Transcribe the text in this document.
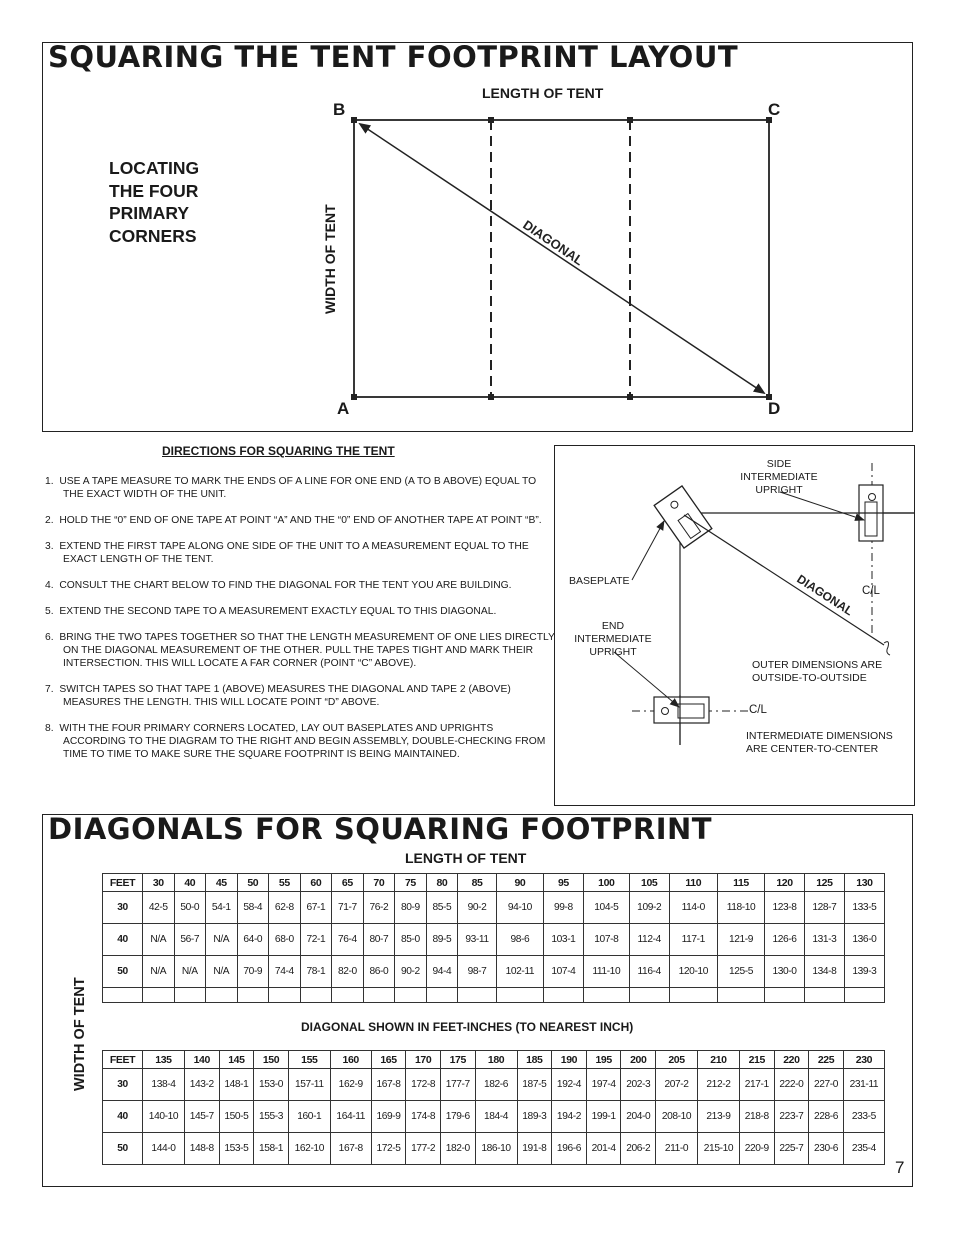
SQUARING THE TENT FOOTPRINT LAYOUT
LENGTH OF TENT
LOCATING
THE FOUR
PRIMARY
CORNERS	WIDTH OF TENT	DIAGONAL
B	C
A	D
DIRECTIONS FOR SQUARING THE TENT
1. USE A TAPE MEASURE TO MARK THE ENDS OF A LINE FOR ONE END (A TO B ABOVE) EQUAL TO THE EXACT WIDTH OF THE UNIT.
2. HOLD THE “0” END OF ONE TAPE AT POINT “A” AND THE “0” END OF ANOTHER TAPE AT POINT “B”.
3. EXTEND THE FIRST TAPE ALONG ONE SIDE OF THE UNIT TO A MEASUREMENT EQUAL TO THE EXACT LENGTH OF THE TENT.
4. CONSULT THE CHART BELOW TO FIND THE DIAGONAL FOR THE TENT YOU ARE BUILDING.
5. EXTEND THE SECOND TAPE TO A MEASUREMENT EXACTLY EQUAL TO THIS DIAGONAL.
6. BRING THE TWO TAPES TOGETHER SO THAT THE LENGTH MEASUREMENT OF ONE LIES DIRECTLY ON THE DIAGONAL MEASUREMENT OF THE OTHER. PULL THE TAPES TIGHT AND MARK THEIR INTERSECTION. THIS WILL LOCATE A FAR CORNER (POINT “C” ABOVE).
7. SWITCH TAPES SO THAT TAPE 1 (ABOVE) MEASURES THE DIAGONAL AND TAPE 2 (ABOVE) MEASURES THE LENGTH. THIS WILL LOCATE POINT “D” ABOVE.
8. WITH THE FOUR PRIMARY CORNERS LOCATED, LAY OUT BASEPLATES AND UPRIGHTS ACCORDING TO THE DIAGRAM TO THE RIGHT AND BEGIN ASSEMBLY, DOUBLE-CHECKING FROM TIME TO TIME TO MAKE SURE THE SQUARE FOOTPRINT IS BEING MAINTAINED.
DIAGONAL
SIDE
INTERMEDIATE
UPRIGHT
BASEPLATE
END
INTERMEDIATE
UPRIGHT
C/L
C/L
OUTER DIMENSIONS ARE
OUTSIDE-TO-OUTSIDE
INTERMEDIATE DIMENSIONS
ARE CENTER-TO-CENTER
DIAGONALS FOR SQUARING FOOTPRINT
LENGTH OF TENT
WIDTH OF TENT	DIAGONAL SHOWN IN FEET-INCHES (TO NEAREST INCH)
FEET	30	40	45	50	55	60	65	70	75	80	85	90	95	100	105	110	115	120	125	130
30	42-5	50-0	54-1	58-4	62-8	67-1	71-7	76-2	80-9	85-5	90-2	94-10	99-8	104-5	109-2	114-0	118-10	123-8	128-7	133-5
40	N/A	56-7	N/A	64-0	68-0	72-1	76-4	80-7	85-0	89-5	93-11	98-6	103-1	107-8	112-4	117-1	121-9	126-6	131-3	136-0
50	N/A	N/A	N/A	70-9	74-4	78-1	82-0	86-0	90-2	94-4	98-7	102-11	107-4	111-10	116-4	120-10	125-5	130-0	134-8	139-3

FEET	135	140	145	150	155	160	165	170	175	180	185	190	195	200	205	210	215	220	225	230
30	138-4	143-2	148-1	153-0	157-11	162-9	167-8	172-8	177-7	182-6	187-5	192-4	197-4	202-3	207-2	212-2	217-1	222-0	227-0	231-11
40	140-10	145-7	150-5	155-3	160-1	164-11	169-9	174-8	179-6	184-4	189-3	194-2	199-1	204-0	208-10	213-9	218-8	223-7	228-6	233-5
50	144-0	148-8	153-5	158-1	162-10	167-8	172-5	177-2	182-0	186-10	191-8	196-6	201-4	206-2	211-0	215-10	220-9	225-7	230-6	235-4
7
